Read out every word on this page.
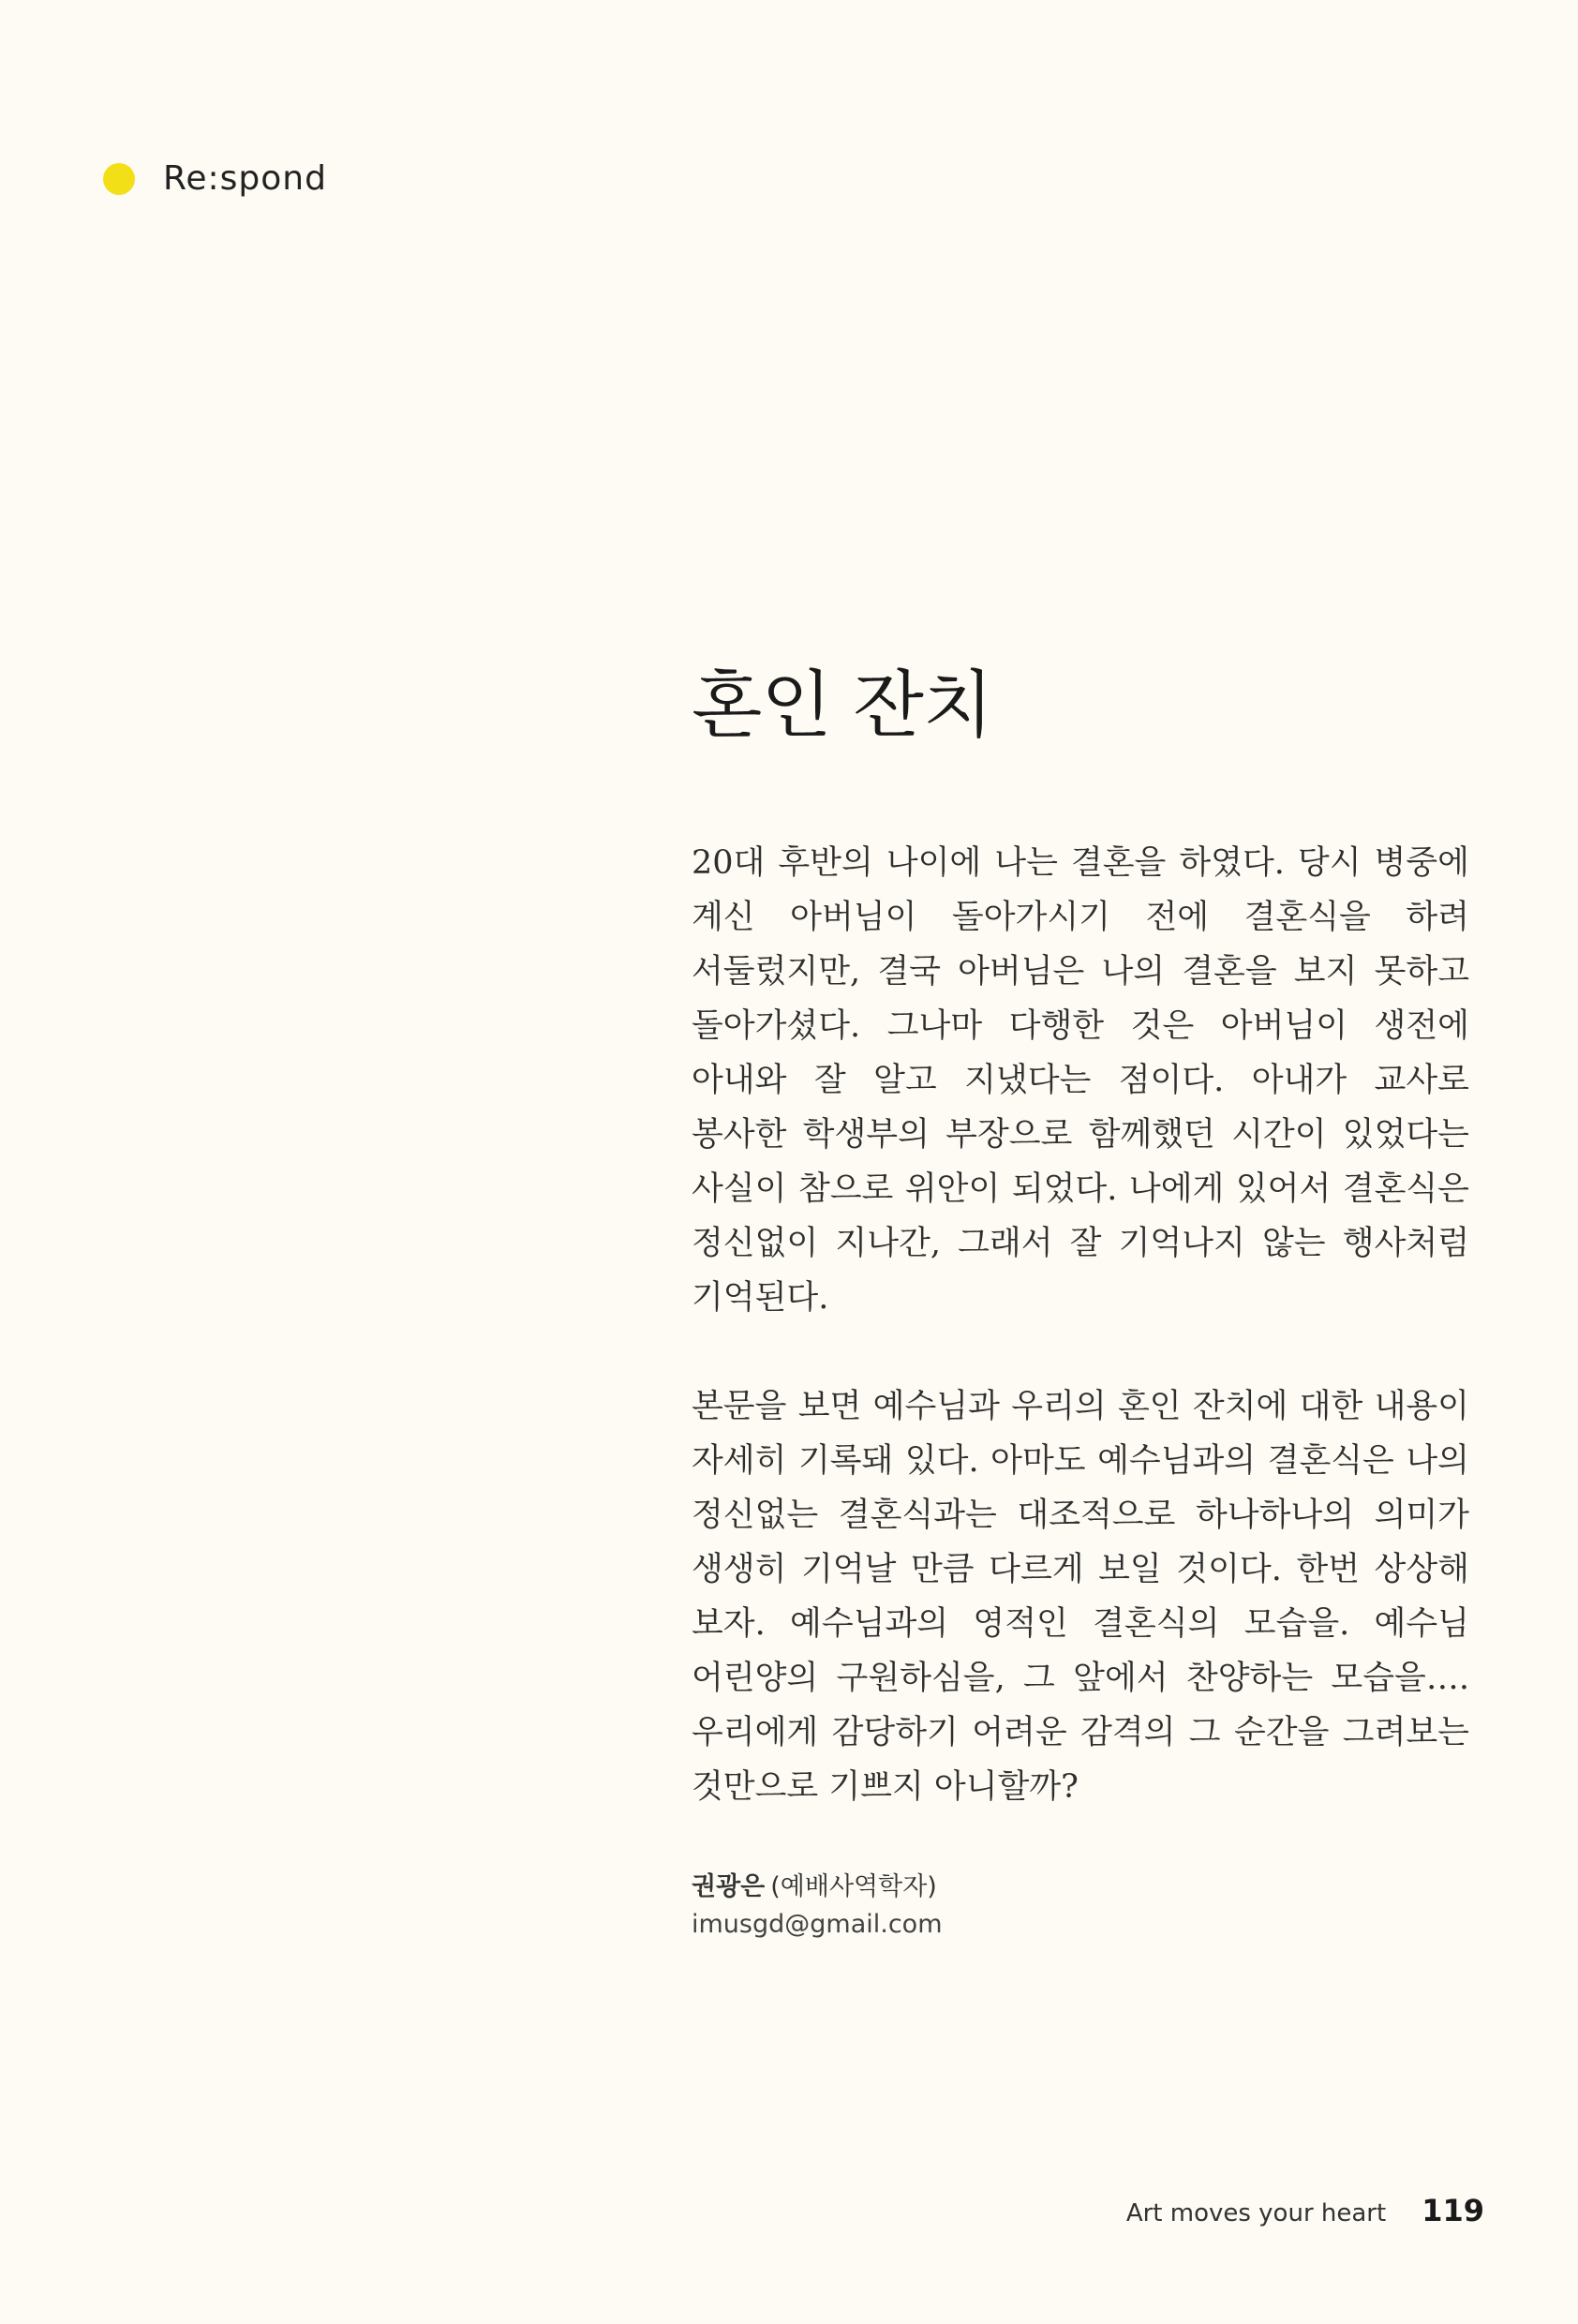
Re:spond
혼인 잔치

20대 후반의 나이에 나는 결혼을 하였다. 당시 병중에 계신 아버님이 돌아가시기 전에 결혼식을 하려 서둘렀지만, 결국 아버님은 나의 결혼을 보지 못하고 돌아가셨다. 그나마 다행한 것은 아버님이 생전에 아내와 잘 알고 지냈다는 점이다. 아내가 교사로 봉사한 학생부의 부장으로 함께했던 시간이 있었다는 사실이 참으로 위안이 되었다. 나에게 있어서 결혼식은 정신없이 지나간, 그래서 잘 기억나지 않는 행사처럼 기억된다.

본문을 보면 예수님과 우리의 혼인 잔치에 대한 내용이 자세히 기록돼 있다. 아마도 예수님과의 결혼식은 나의 정신없는 결혼식과는 대조적으로 하나하나의 의미가 생생히 기억날 만큼 다르게 보일 것이다. 한번 상상해 보자. 예수님과의 영적인 결혼식의 모습을. 예수님 어린양의 구원하심을, 그 앞에서 찬양하는 모습을…. 우리에게 감당하기 어려운 감격의 그 순간을 그려보는 것만으로 기쁘지 아니할까?

권광은 (예배사역학자)
imusgd@gmail.com
Art moves your heart 119
